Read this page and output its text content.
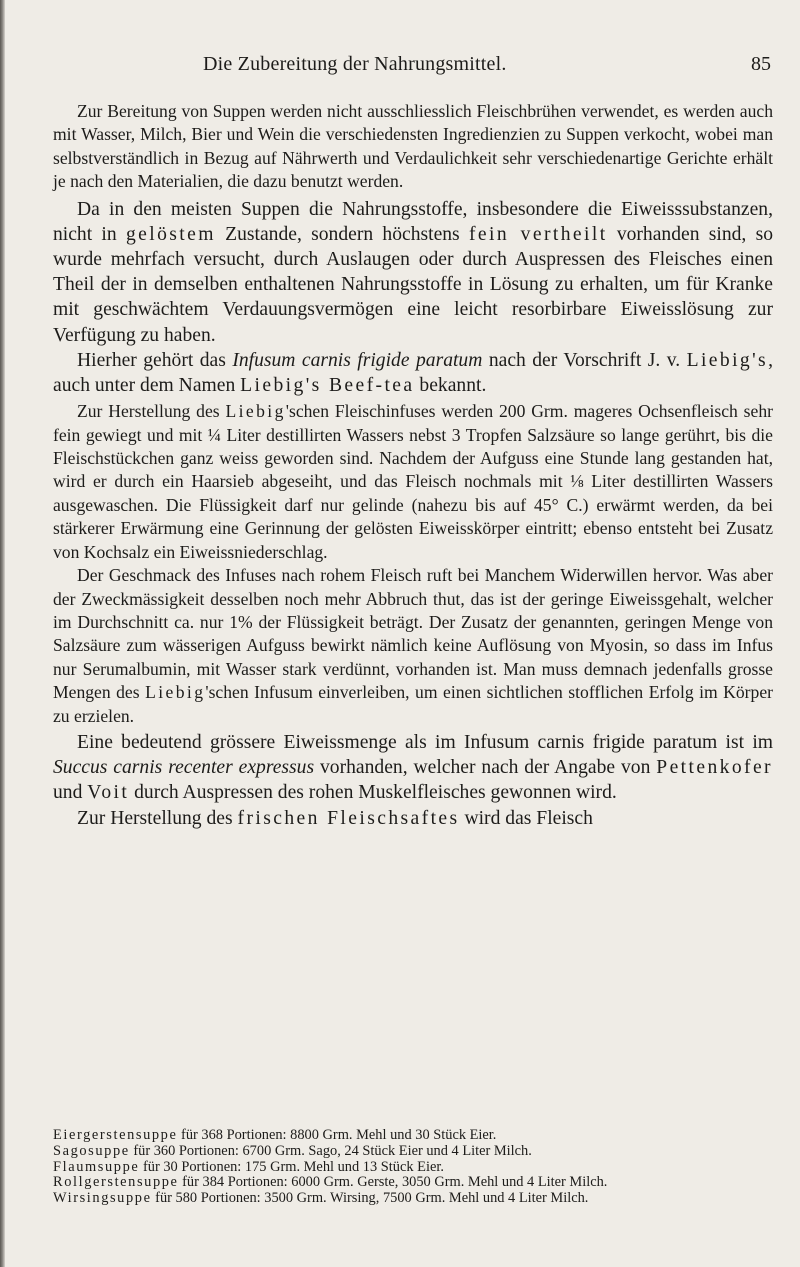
Die Zubereitung der Nahrungsmittel.	85

Zur Bereitung von Suppen werden nicht ausschliesslich Fleischbrühen verwendet, es werden auch mit Wasser, Milch, Bier und Wein die verschiedensten Ingredienzien zu Suppen verkocht, wobei man selbstverständlich in Bezug auf Nährwerth und Verdaulichkeit sehr verschiedenartige Gerichte erhält je nach den Materialien, die dazu benutzt werden.

Da in den meisten Suppen die Nahrungsstoffe, insbesondere die Eiweisssubstanzen, nicht in gelöstem Zustande, sondern höchstens fein vertheilt vorhanden sind, so wurde mehrfach versucht, durch Auslaugen oder durch Auspressen des Fleisches einen Theil der in demselben enthaltenen Nahrungsstoffe in Lösung zu erhalten, um für Kranke mit geschwächtem Verdauungsvermögen eine leicht resorbirbare Eiweisslösung zur Verfügung zu haben.

Hierher gehört das Infusum carnis frigide paratum nach der Vorschrift J. v. Liebig's, auch unter dem Namen Liebig's Beef-tea bekannt.

Zur Herstellung des Liebig'schen Fleischinfuses werden 200 Grm. mageres Ochsenfleisch sehr fein gewiegt und mit ¼ Liter destillirten Wassers nebst 3 Tropfen Salzsäure so lange gerührt, bis die Fleischstückchen ganz weiss geworden sind. Nachdem der Aufguss eine Stunde lang gestanden hat, wird er durch ein Haarsieb abgeseiht, und das Fleisch nochmals mit ⅛ Liter destillirten Wassers ausgewaschen. Die Flüssigkeit darf nur gelinde (nahezu bis auf 45° C.) erwärmt werden, da bei stärkerer Erwärmung eine Gerinnung der gelösten Eiweisskörper eintritt; ebenso entsteht bei Zusatz von Kochsalz ein Eiweissniederschlag.

Der Geschmack des Infuses nach rohem Fleisch ruft bei Manchem Widerwillen hervor. Was aber der Zweckmässigkeit desselben noch mehr Abbruch thut, das ist der geringe Eiweissgehalt, welcher im Durchschnitt ca. nur 1% der Flüssigkeit beträgt. Der Zusatz der genannten, geringen Menge von Salzsäure zum wässerigen Aufguss bewirkt nämlich keine Auflösung von Myosin, so dass im Infus nur Serumalbumin, mit Wasser stark verdünnt, vorhanden ist. Man muss demnach jedenfalls grosse Mengen des Liebig'schen Infusum einverleiben, um einen sichtlichen stofflichen Erfolg im Körper zu erzielen.

Eine bedeutend grössere Eiweissmenge als im Infusum carnis frigide paratum ist im Succus carnis recenter expressus vorhanden, welcher nach der Angabe von Pettenkofer und Voit durch Auspressen des rohen Muskelfleisches gewonnen wird.

Zur Herstellung des frischen Fleischsaftes wird das Fleisch

Eiergerstensuppe für 368 Portionen: 8800 Grm. Mehl und 30 Stück Eier.
Sagosuppe für 360 Portionen: 6700 Grm. Sago, 24 Stück Eier und 4 Liter Milch.
Flaumsuppe für 30 Portionen: 175 Grm. Mehl und 13 Stück Eier.
Rollgerstensuppe für 384 Portionen: 6000 Grm. Gerste, 3050 Grm. Mehl und 4 Liter Milch.
Wirsingsuppe für 580 Portionen: 3500 Grm. Wirsing, 7500 Grm. Mehl und 4 Liter Milch.
